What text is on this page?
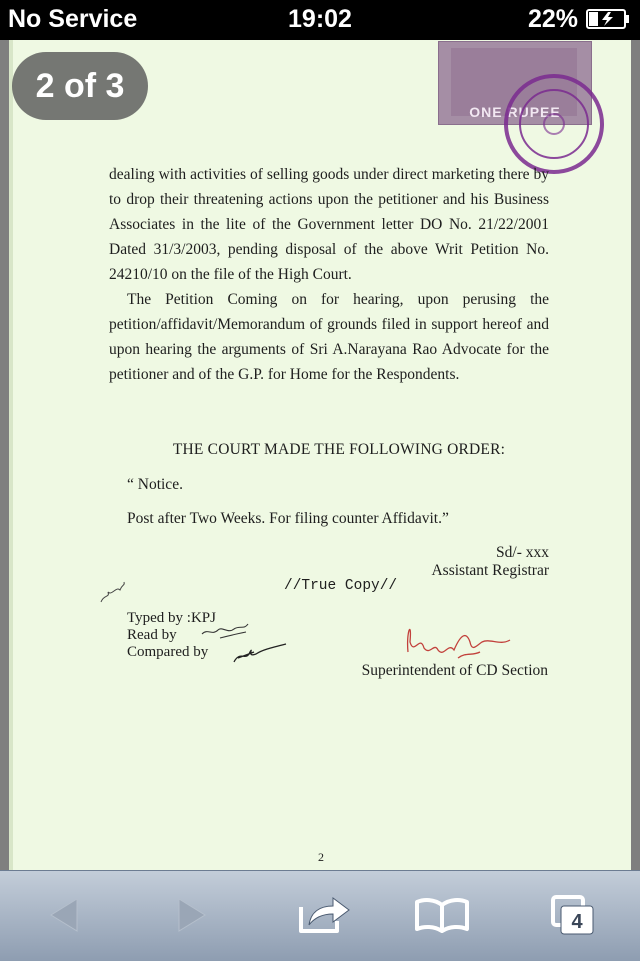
No Service	19:02	22%
2 of 3
ONE RUPEE

dealing with activities of selling goods under direct marketing there by to drop their threatening actions upon the petitioner and his Business Associates in the lite of the Government letter DO No. 21/22/2001 Dated 31/3/2003, pending disposal of the above Writ Petition No. 24210/10 on the file of the High Court.

The Petition Coming on for hearing, upon perusing the petition/affidavit/Memorandum of grounds filed in support hereof and upon hearing the arguments of Sri A.Narayana Rao Advocate for the petitioner and of the G.P. for Home for the Respondents.

THE COURT MADE THE FOLLOWING ORDER:
“ Notice.
Post after Two Weeks. For filing counter Affidavit.”
Sd/- xxx
Assistant Registrar
//True Copy//
Typed by :KPJ
Read by
Compared by
Superintendent of CD Section
2
4
